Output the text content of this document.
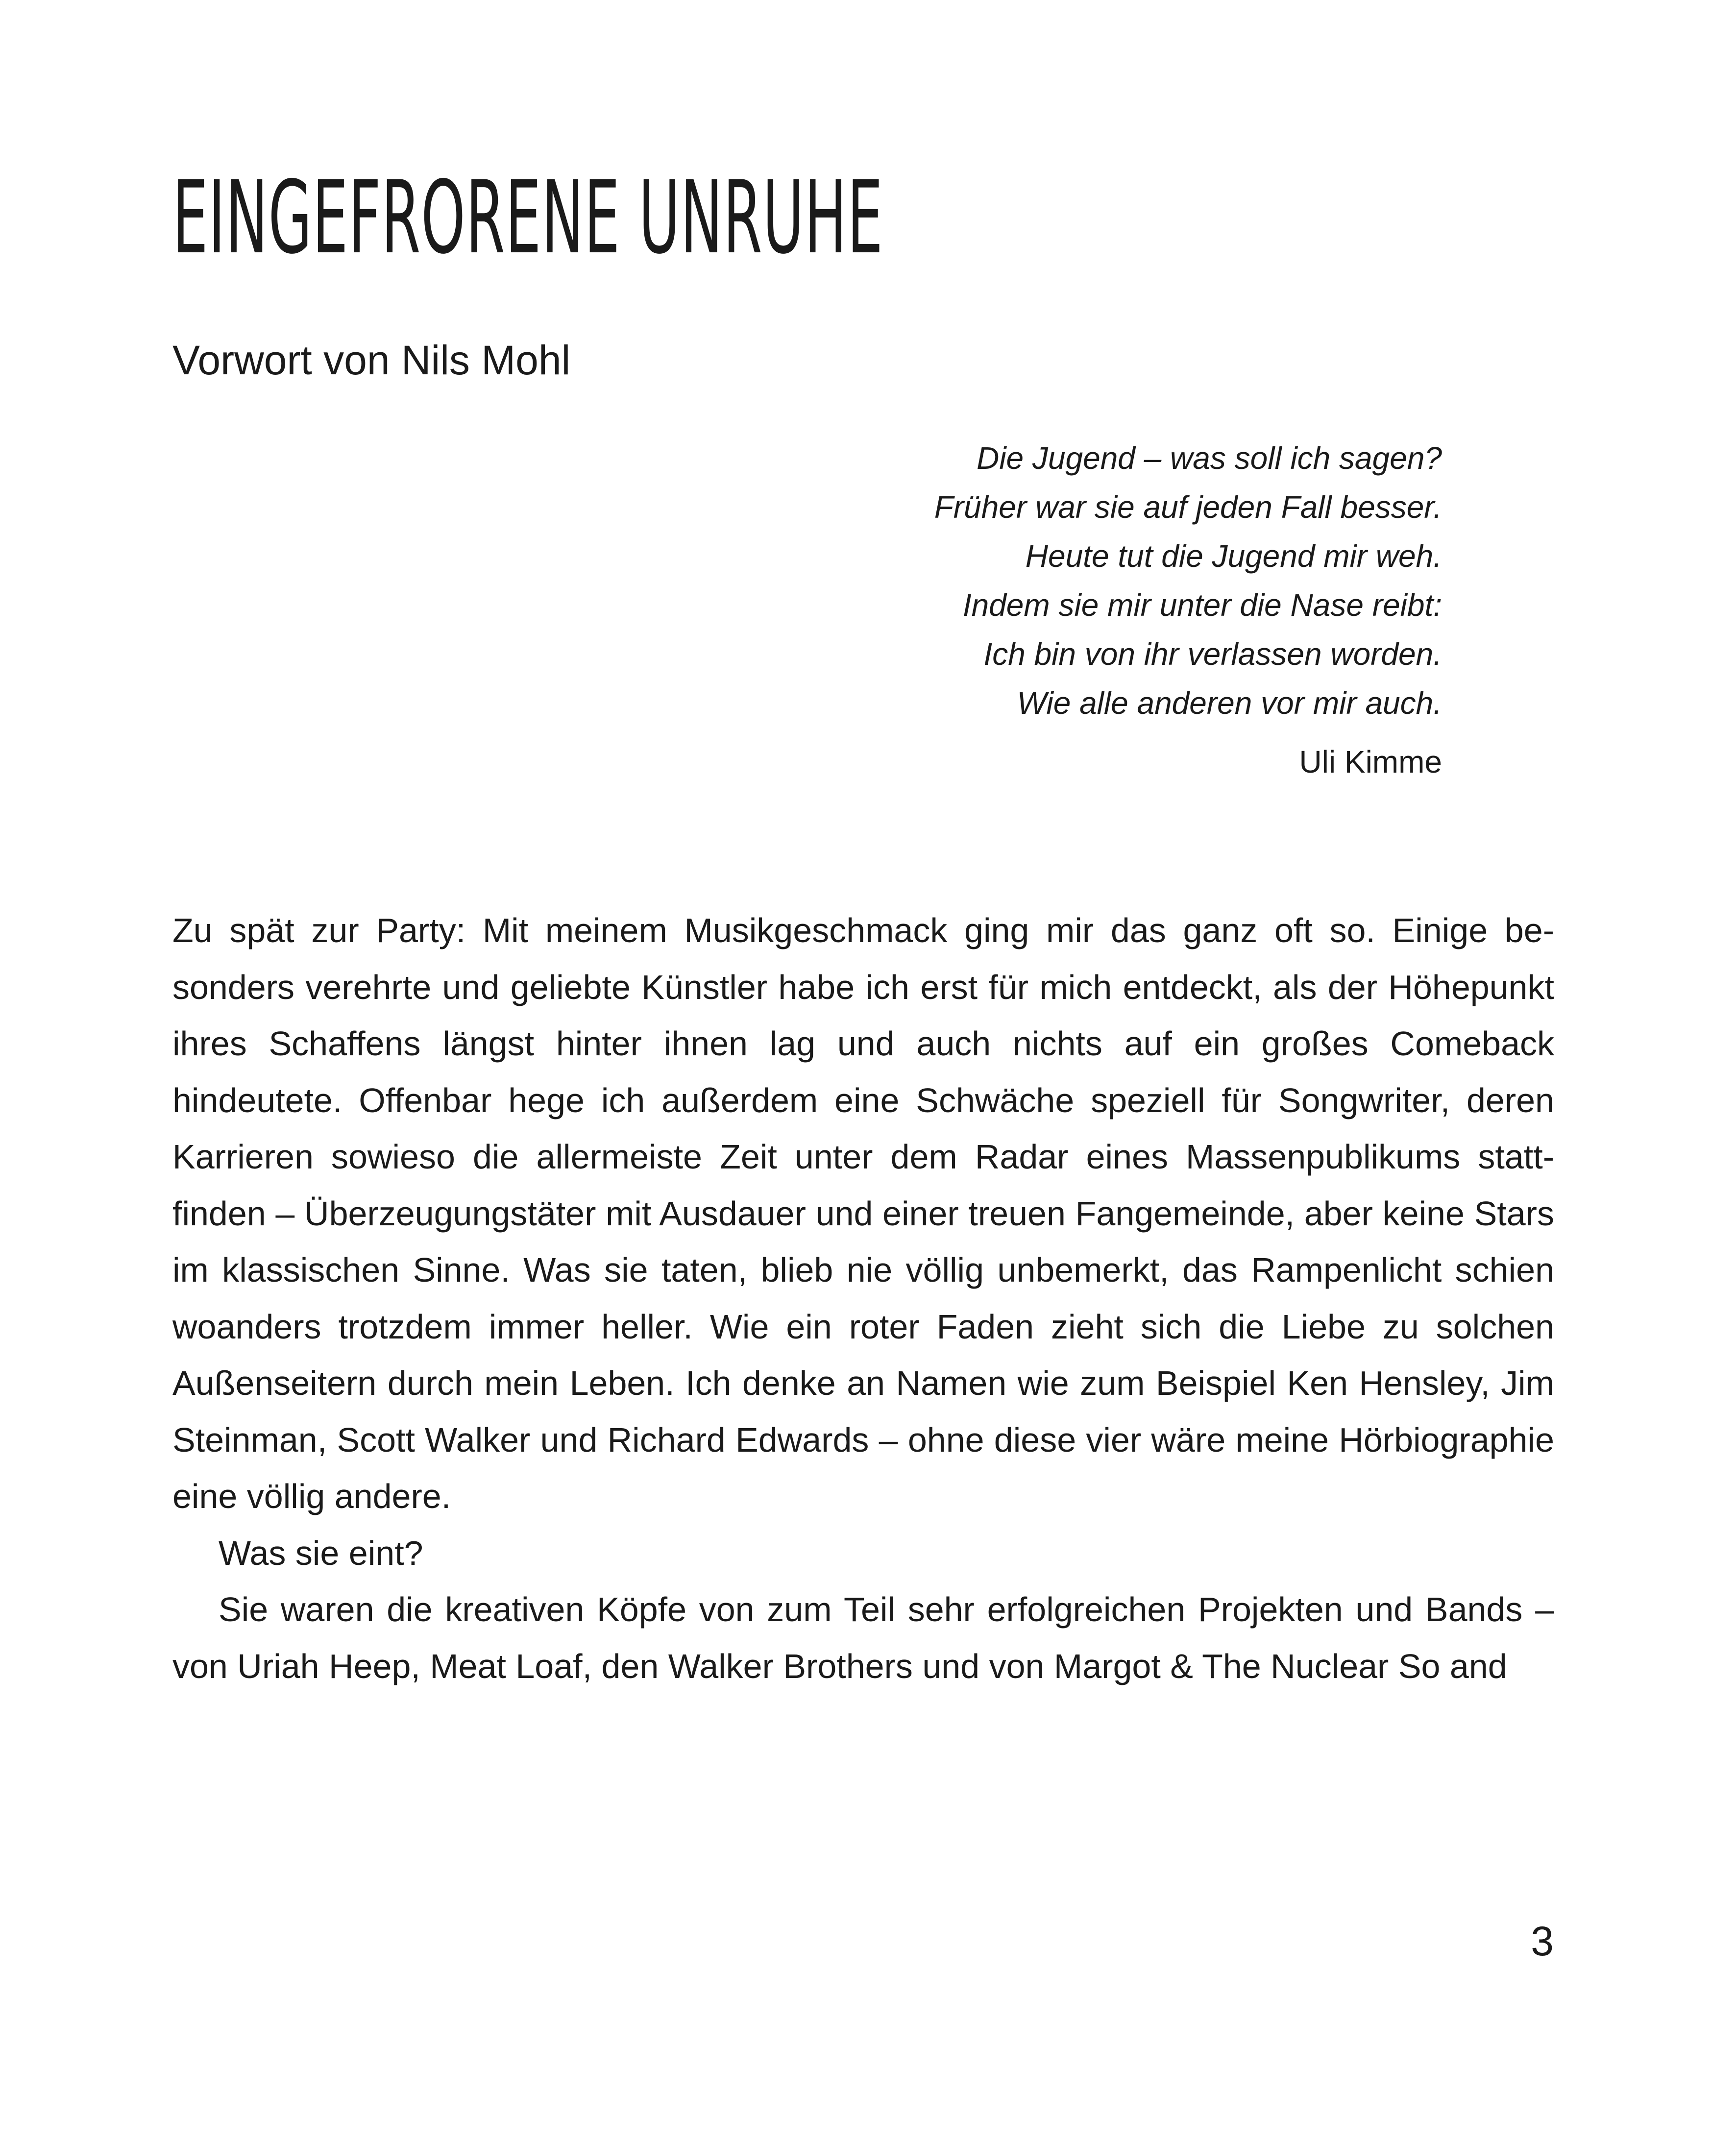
EINGEFRORENE UNRUHE
Vorwort von Nils Mohl
Die Jugend – was soll ich sagen?
Früher war sie auf jeden Fall besser.
Heute tut die Jugend mir weh.
Indem sie mir unter die Nase reibt:
Ich bin von ihr verlassen worden.
Wie alle anderen vor mir auch.
Uli Kimme

Zu spät zur Party: Mit meinem Musikgeschmack ging mir das ganz oft so. Einige besonders verehrte und geliebte Künstler habe ich erst für mich entdeckt, als der Höhepunkt ihres Schaffens längst hinter ihnen lag und auch nichts auf ein großes Comeback hindeutete. Offenbar hege ich außerdem eine Schwäche speziell für Songwriter, deren Karrieren sowieso die allermeiste Zeit unter dem Radar eines Massenpublikums stattfinden – Überzeugungstäter mit Ausdauer und einer treuen Fangemeinde, aber keine Stars im klassischen Sinne. Was sie taten, blieb nie völlig unbemerkt, das Rampenlicht schien woanders trotzdem immer heller. Wie ein roter Faden zieht sich die Liebe zu solchen Außenseitern durch mein Leben. Ich denke an Namen wie zum Beispiel Ken Hensley, Jim Steinman, Scott Walker und Richard Edwards – ohne diese vier wäre meine Hörbiographie eine völlig andere.

Was sie eint?

Sie waren die kreativen Köpfe von zum Teil sehr erfolgreichen Projekten und Bands – von Uriah Heep, Meat Loaf, den Walker Brothers und von Margot & The Nuclear So and

3
